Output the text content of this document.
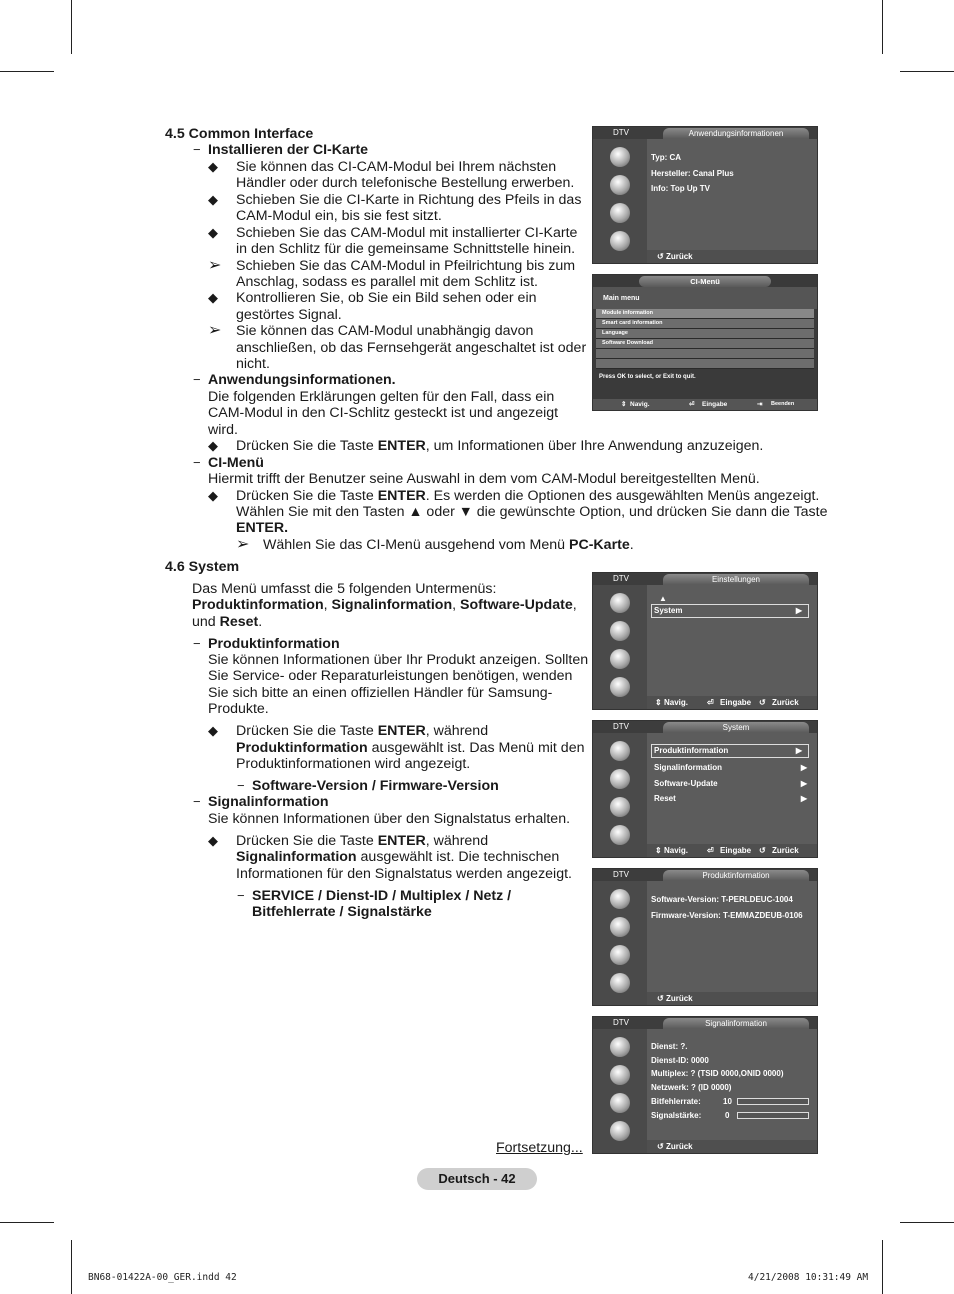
4.5 Common Interface
− Installieren der CI-Karte
◆ Sie können das CI-CAM-Modul bei Ihrem nächsten
Händler oder durch telefonische Bestellung erwerben.
◆ Schieben Sie die CI-Karte in Richtung des Pfeils in das
CAM-Modul ein, bis sie fest sitzt.
◆ Schieben Sie das CAM-Modul mit installierter CI-Karte
in den Schlitz für die gemeinsame Schnittstelle hinein.
➢ Schieben Sie das CAM-Modul in Pfeilrichtung bis zum
Anschlag, sodass es parallel mit dem Schlitz ist.
◆ Kontrollieren Sie, ob Sie ein Bild sehen oder ein
gestörtes Signal.
➢ Sie können das CAM-Modul unabhängig davon
anschließen, ob das Fernsehgerät angeschaltet ist oder
nicht.
− Anwendungsinformationen.
Die folgenden Erklärungen gelten für den Fall, dass ein
CAM-Modul in den CI-Schlitz gesteckt ist und angezeigt
wird.
◆ Drücken Sie die Taste ENTER, um Informationen über Ihre Anwendung anzuzeigen.
− CI-Menü
Hiermit trifft der Benutzer seine Auswahl in dem vom CAM-Modul bereitgestellten Menü.
◆ Drücken Sie die Taste ENTER. Es werden die Optionen des ausgewählten Menüs angezeigt.
Wählen Sie mit den Tasten ▲ oder ▼ die gewünschte Option, und drücken Sie dann die Taste
ENTER.
➢ Wählen Sie das CI-Menü ausgehend vom Menü PC-Karte.
4.6 System
Das Menü umfasst die 5 folgenden Untermenüs:
Produktinformation, Signalinformation, Software-Update,
und Reset.
− Produktinformation
Sie können Informationen über Ihr Produkt anzeigen. Sollten
Sie Service- oder Reparaturleistungen benötigen, wenden
Sie sich bitte an einen offiziellen Händler für Samsung-
Produkte.
◆ Drücken Sie die Taste ENTER, während
Produktinformation ausgewählt ist. Das Menü mit den
Produktinformationen wird angezeigt.
− Software-Version / Firmware-Version
− Signalinformation
Sie können Informationen über den Signalstatus erhalten.
◆ Drücken Sie die Taste ENTER, während
Signalinformation ausgewählt ist. Die technischen
Informationen für den Signalstatus werden angezeigt.
− SERVICE / Dienst-ID / Multiplex / Netz /
Bitfehlerrate / Signalstärke
Fortsetzung...
Deutsch - 42
BN68-01422A-00_GER.indd 42	4/21/2008 10:31:49 AM
DTV	Anwendungsinformationen
Typ: CA
Hersteller: Canal Plus
Info: Top Up TV
↺ Zurück
CI-Menü
Main menu
Module information
Smart card information
Language
Software Download
Press OK to select, or Exit to quit.
⇕ Navig.	⏎ Eingabe	⇥ Beenden
DTV	Einstellungen
▲
System	▶
⇕ Navig. ⏎ Eingabe ↺ Zurück
DTV	System
Produktinformation	▶
Signalinformation	▶
Software-Update	▶
Reset	▶
⇕ Navig. ⏎ Eingabe ↺ Zurück
DTV	Produktinformation
Software-Version: T-PERLDEUC-1004
Firmware-Version: T-EMMAZDEUB-0106
↺ Zurück
DTV	Signalinformation
Dienst: ?.
Dienst-ID: 0000
Multiplex: ? (TSID 0000,ONID 0000)
Netzwerk: ? (ID 0000)
Bitfehlerrate:	10
Signalstärke:	0
↺ Zurück
